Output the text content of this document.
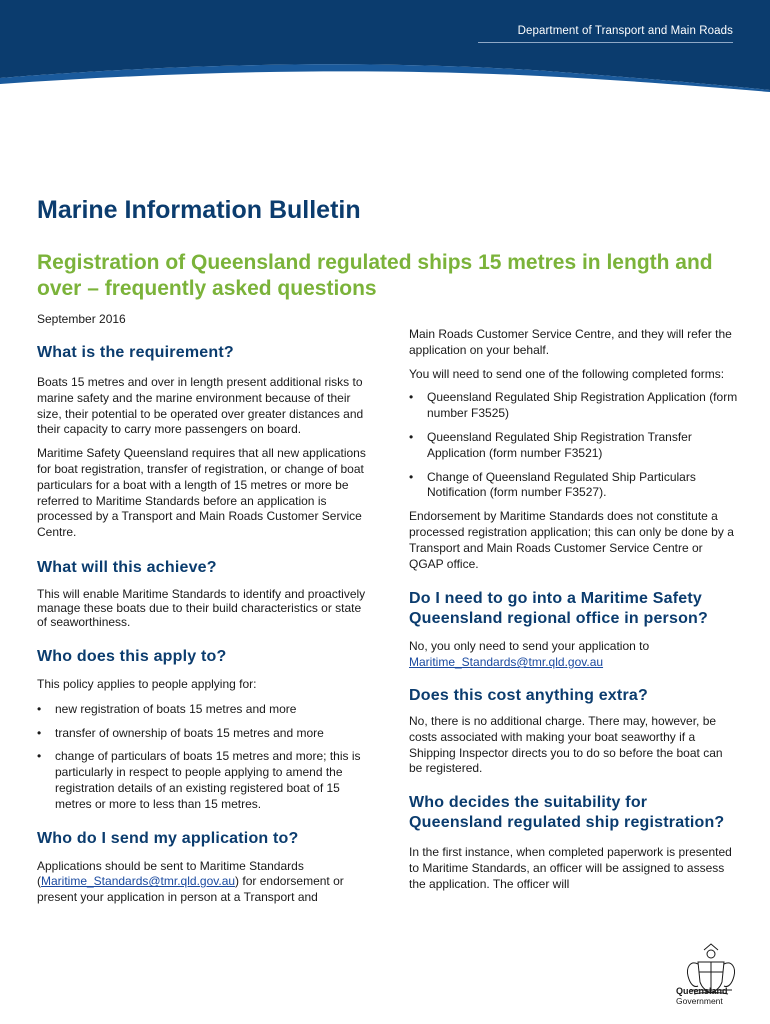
Department of Transport and Main Roads
Marine Information Bulletin
Registration of Queensland regulated ships 15 metres in length and over – frequently asked questions
September 2016
What is the requirement?

Boats 15 metres and over in length present additional risks to marine safety and the marine environment because of their size, their potential to be operated over greater distances and their capacity to carry more passengers on board.

Maritime Safety Queensland requires that all new applications for boat registration, transfer of registration, or change of boat particulars for a boat with a length of 15 metres or more be referred to Maritime Standards before an application is processed by a Transport and Main Roads Customer Service Centre.

What will this achieve?

This will enable Maritime Standards to identify and proactively manage these boats due to their build characteristics or state of seaworthiness.

Who does this apply to?

This policy applies to people applying for:

• new registration of boats 15 metres and more
• transfer of ownership of boats 15 metres and more
• change of particulars of boats 15 metres and more; this is particularly in respect to people applying to amend the registration details of an existing registered boat of 15 metres or more to less than 15 metres.
Who do I send my application to?

Applications should be sent to Maritime Standards (Maritime_Standards@tmr.qld.gov.au) for endorsement or present your application in person at a Transport and

Main Roads Customer Service Centre, and they will refer the application on your behalf.

You will need to send one of the following completed forms:

• Queensland Regulated Ship Registration Application (form number F3525)
• Queensland Regulated Ship Registration Transfer Application (form number F3521)
• Change of Queensland Regulated Ship Particulars Notification (form number F3527).

Endorsement by Maritime Standards does not constitute a processed registration application; this can only be done by a Transport and Main Roads Customer Service Centre or QGAP office.

Do I need to go into a Maritime Safety Queensland regional office in person?

No, you only need to send your application to

Maritime_Standards@tmr.qld.gov.au

Does this cost anything extra?

No, there is no additional charge. There may, however, be costs associated with making your boat seaworthy if a Shipping Inspector directs you to do so before the boat can be registered.

Who decides the suitability for Queensland regulated ship registration?

In the first instance, when completed paperwork is presented to Maritime Standards, an officer will be assigned to assess the application. The officer will

Queensland
Government
